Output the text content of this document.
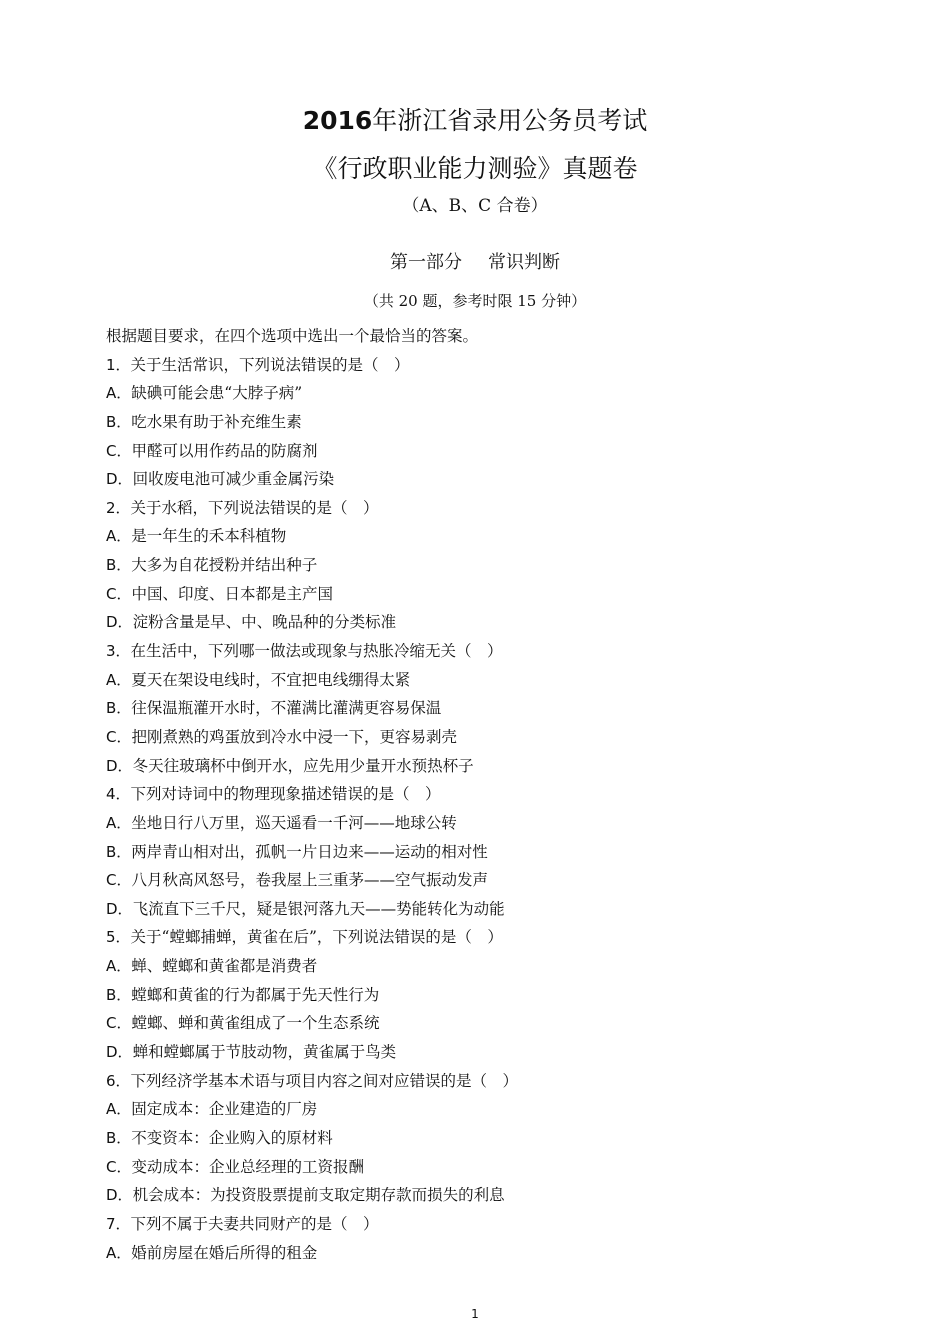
2016年浙江省录用公务员考试
《行政职业能力测验》真题卷
（A、B、C 合卷）
第一部分 常识判断
（共 20 题，参考时限 15 分钟）
根据题目要求，在四个选项中选出一个最恰当的答案。
1．关于生活常识，下列说法错误的是（　）
A．缺碘可能会患“大脖子病”
B．吃水果有助于补充维生素
C．甲醛可以用作药品的防腐剂
D．回收废电池可减少重金属污染
2．关于水稻，下列说法错误的是（　）
A．是一年生的禾本科植物
B．大多为自花授粉并结出种子
C．中国、印度、日本都是主产国
D．淀粉含量是早、中、晚品种的分类标准
3．在生活中，下列哪一做法或现象与热胀冷缩无关（　）
A．夏天在架设电线时，不宜把电线绷得太紧
B．往保温瓶灌开水时，不灌满比灌满更容易保温
C．把刚煮熟的鸡蛋放到冷水中浸一下，更容易剥壳
D．冬天往玻璃杯中倒开水，应先用少量开水预热杯子
4．下列对诗词中的物理现象描述错误的是（　）
A．坐地日行八万里，巡天遥看一千河——地球公转
B．两岸青山相对出，孤帆一片日边来——运动的相对性
C．八月秋高风怒号，卷我屋上三重茅——空气振动发声
D．飞流直下三千尺，疑是银河落九天——势能转化为动能
5．关于“螳螂捕蝉，黄雀在后”，下列说法错误的是（　）
A．蝉、螳螂和黄雀都是消费者
B．螳螂和黄雀的行为都属于先天性行为
C．螳螂、蝉和黄雀组成了一个生态系统
D．蝉和螳螂属于节肢动物，黄雀属于鸟类
6．下列经济学基本术语与项目内容之间对应错误的是（　）
A．固定成本：企业建造的厂房
B．不变资本：企业购入的原材料
C．变动成本：企业总经理的工资报酬
D．机会成本：为投资股票提前支取定期存款而损失的利息
7．下列不属于夫妻共同财产的是（　）
A．婚前房屋在婚后所得的租金
1
